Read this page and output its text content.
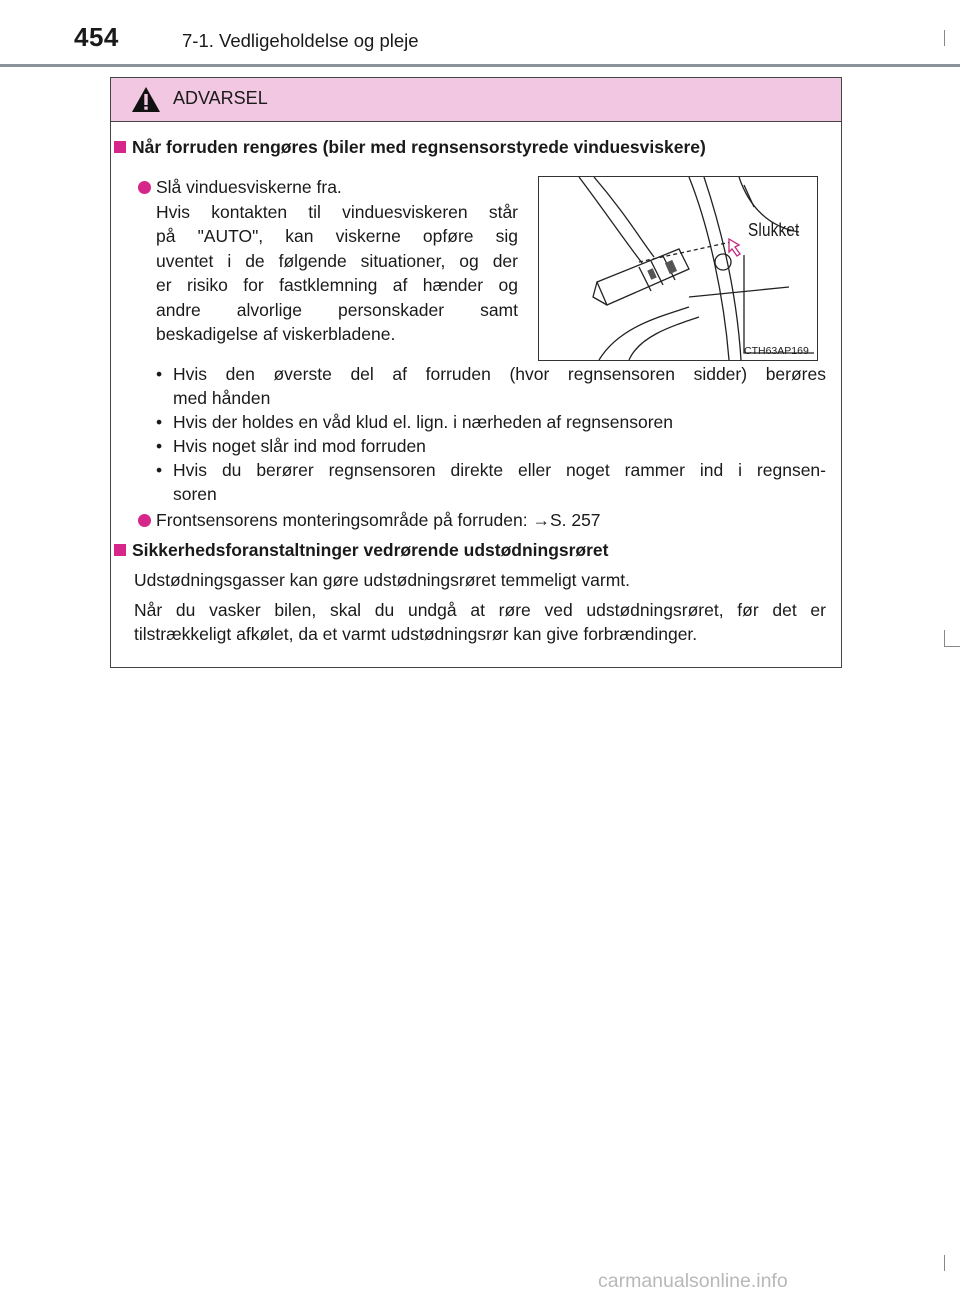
454	7-1. Vedligeholdelse og pleje
ADVARSEL
Når forruden rengøres (biler med regnsensorstyrede vinduesviskere)
Slå vinduesviskerne fra.
Hvis kontakten til vinduesviskeren står
på "AUTO", kan viskerne opføre sig
uventet i de følgende situationer, og der
er risiko for fastklemning af hænder og
andre alvorlige personskader samt
beskadigelse af viskerbladene.
Slukket
CTH63AP169
• Hvis den øverste del af forruden (hvor regnsensoren sidder) berøres
med hånden
• Hvis der holdes en våd klud el. lign. i nærheden af regnsensoren
• Hvis noget slår ind mod forruden
• Hvis du berører regnsensoren direkte eller noget rammer ind i regnsen-
soren
Frontsensorens monteringsområde på forruden: →S. 257
Sikkerhedsforanstaltninger vedrørende udstødningsrøret
Udstødningsgasser kan gøre udstødningsrøret temmeligt varmt.
Når du vasker bilen, skal du undgå at røre ved udstødningsrøret, før det er
tilstrækkeligt afkølet, da et varmt udstødningsrør kan give forbrændinger.
carmanualsonline.info
